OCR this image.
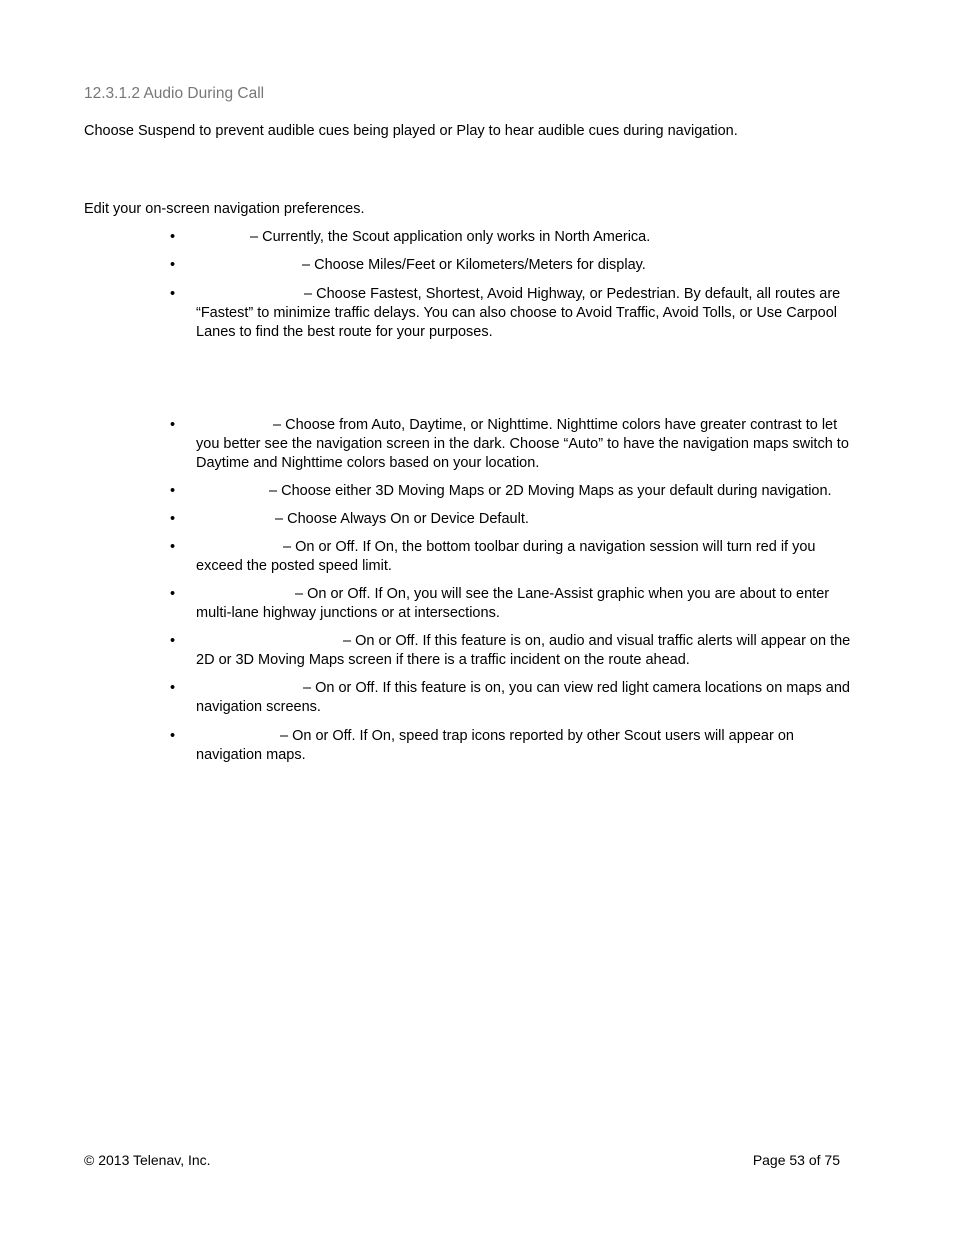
12.3.1.2 Audio During Call

Choose Suspend to prevent audible cues being played or Play to hear audible cues during navigation.

Edit your on-screen navigation preferences.

•	– Currently, the Scout application only works in North America.
•	– Choose Miles/Feet or Kilometers/Meters for display.
•	– Choose Fastest, Shortest, Avoid Highway, or Pedestrian. By default, all routes are “Fastest” to minimize traffic delays. You can also choose to Avoid Traffic, Avoid Tolls, or Use Carpool Lanes to find the best route for your purposes.
•	– Choose from Auto, Daytime, or Nighttime. Nighttime colors have greater contrast to let you better see the navigation screen in the dark. Choose “Auto” to have the navigation maps switch to Daytime and Nighttime colors based on your location.
•	– Choose either 3D Moving Maps or 2D Moving Maps as your default during navigation.
•	– Choose Always On or Device Default.
•	– On or Off. If On, the bottom toolbar during a navigation session will turn red if you exceed the posted speed limit.
•	– On or Off. If On, you will see the Lane-Assist graphic when you are about to enter multi-lane highway junctions or at intersections.
•	– On or Off. If this feature is on, audio and visual traffic alerts will appear on the 2D or 3D Moving Maps screen if there is a traffic incident on the route ahead.
•	– On or Off. If this feature is on, you can view red light camera locations on maps and navigation screens.
•	– On or Off. If On, speed trap icons reported by other Scout users will appear on navigation maps.
© 2013 Telenav, Inc.	Page 53 of 75
